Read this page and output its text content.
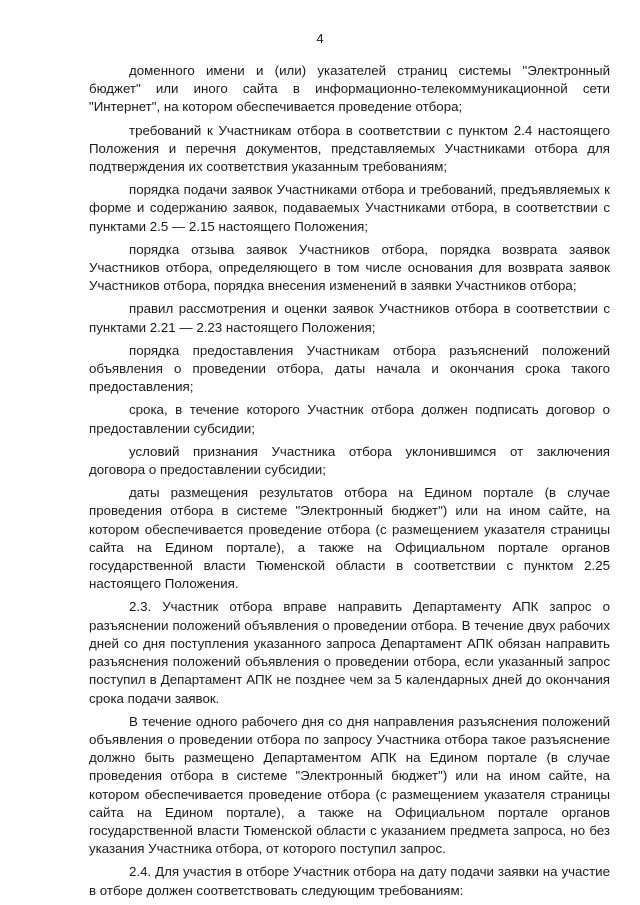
4

доменного имени и (или) указателей страниц системы "Электронный бюджет" или иного сайта в информационно-телекоммуникационной сети "Интернет", на котором обеспечивается проведение отбора;

требований к Участникам отбора в соответствии с пунктом 2.4 настоящего Положения и перечня документов, представляемых Участниками отбора для подтверждения их соответствия указанным требованиям;

порядка подачи заявок Участниками отбора и требований, предъявляемых к форме и содержанию заявок, подаваемых Участниками отбора, в соответствии с пунктами 2.5 — 2.15 настоящего Положения;

порядка отзыва заявок Участников отбора, порядка возврата заявок Участников отбора, определяющего в том числе основания для возврата заявок Участников отбора, порядка внесения изменений в заявки Участников отбора;

правил рассмотрения и оценки заявок Участников отбора в соответствии с пунктами 2.21 — 2.23 настоящего Положения;

порядка предоставления Участникам отбора разъяснений положений объявления о проведении отбора, даты начала и окончания срока такого предоставления;

срока, в течение которого Участник отбора должен подписать договор о предоставлении субсидии;

условий признания Участника отбора уклонившимся от заключения договора о предоставлении субсидии;

даты размещения результатов отбора на Едином портале (в случае проведения отбора в системе "Электронный бюджет") или на ином сайте, на котором обеспечивается проведение отбора (с размещением указателя страницы сайта на Едином портале), а также на Официальном портале органов государственной власти Тюменской области в соответствии с пунктом 2.25 настоящего Положения.

2.3. Участник отбора вправе направить Департаменту АПК запрос о разъяснении положений объявления о проведении отбора. В течение двух рабочих дней со дня поступления указанного запроса Департамент АПК обязан направить разъяснения положений объявления о проведении отбора, если указанный запрос поступил в Департамент АПК не позднее чем за 5 календарных дней до окончания срока подачи заявок.

В течение одного рабочего дня со дня направления разъяснения положений объявления о проведении отбора по запросу Участника отбора такое разъяснение должно быть размещено Департаментом АПК на Едином портале (в случае проведения отбора в системе "Электронный бюджет") или на ином сайте, на котором обеспечивается проведение отбора (с размещением указателя страницы сайта на Едином портале), а также на Официальном портале органов государственной власти Тюменской области с указанием предмета запроса, но без указания Участника отбора, от которого поступил запрос.

2.4. Для участия в отборе Участник отбора на дату подачи заявки на участие в отборе должен соответствовать следующим требованиям:
